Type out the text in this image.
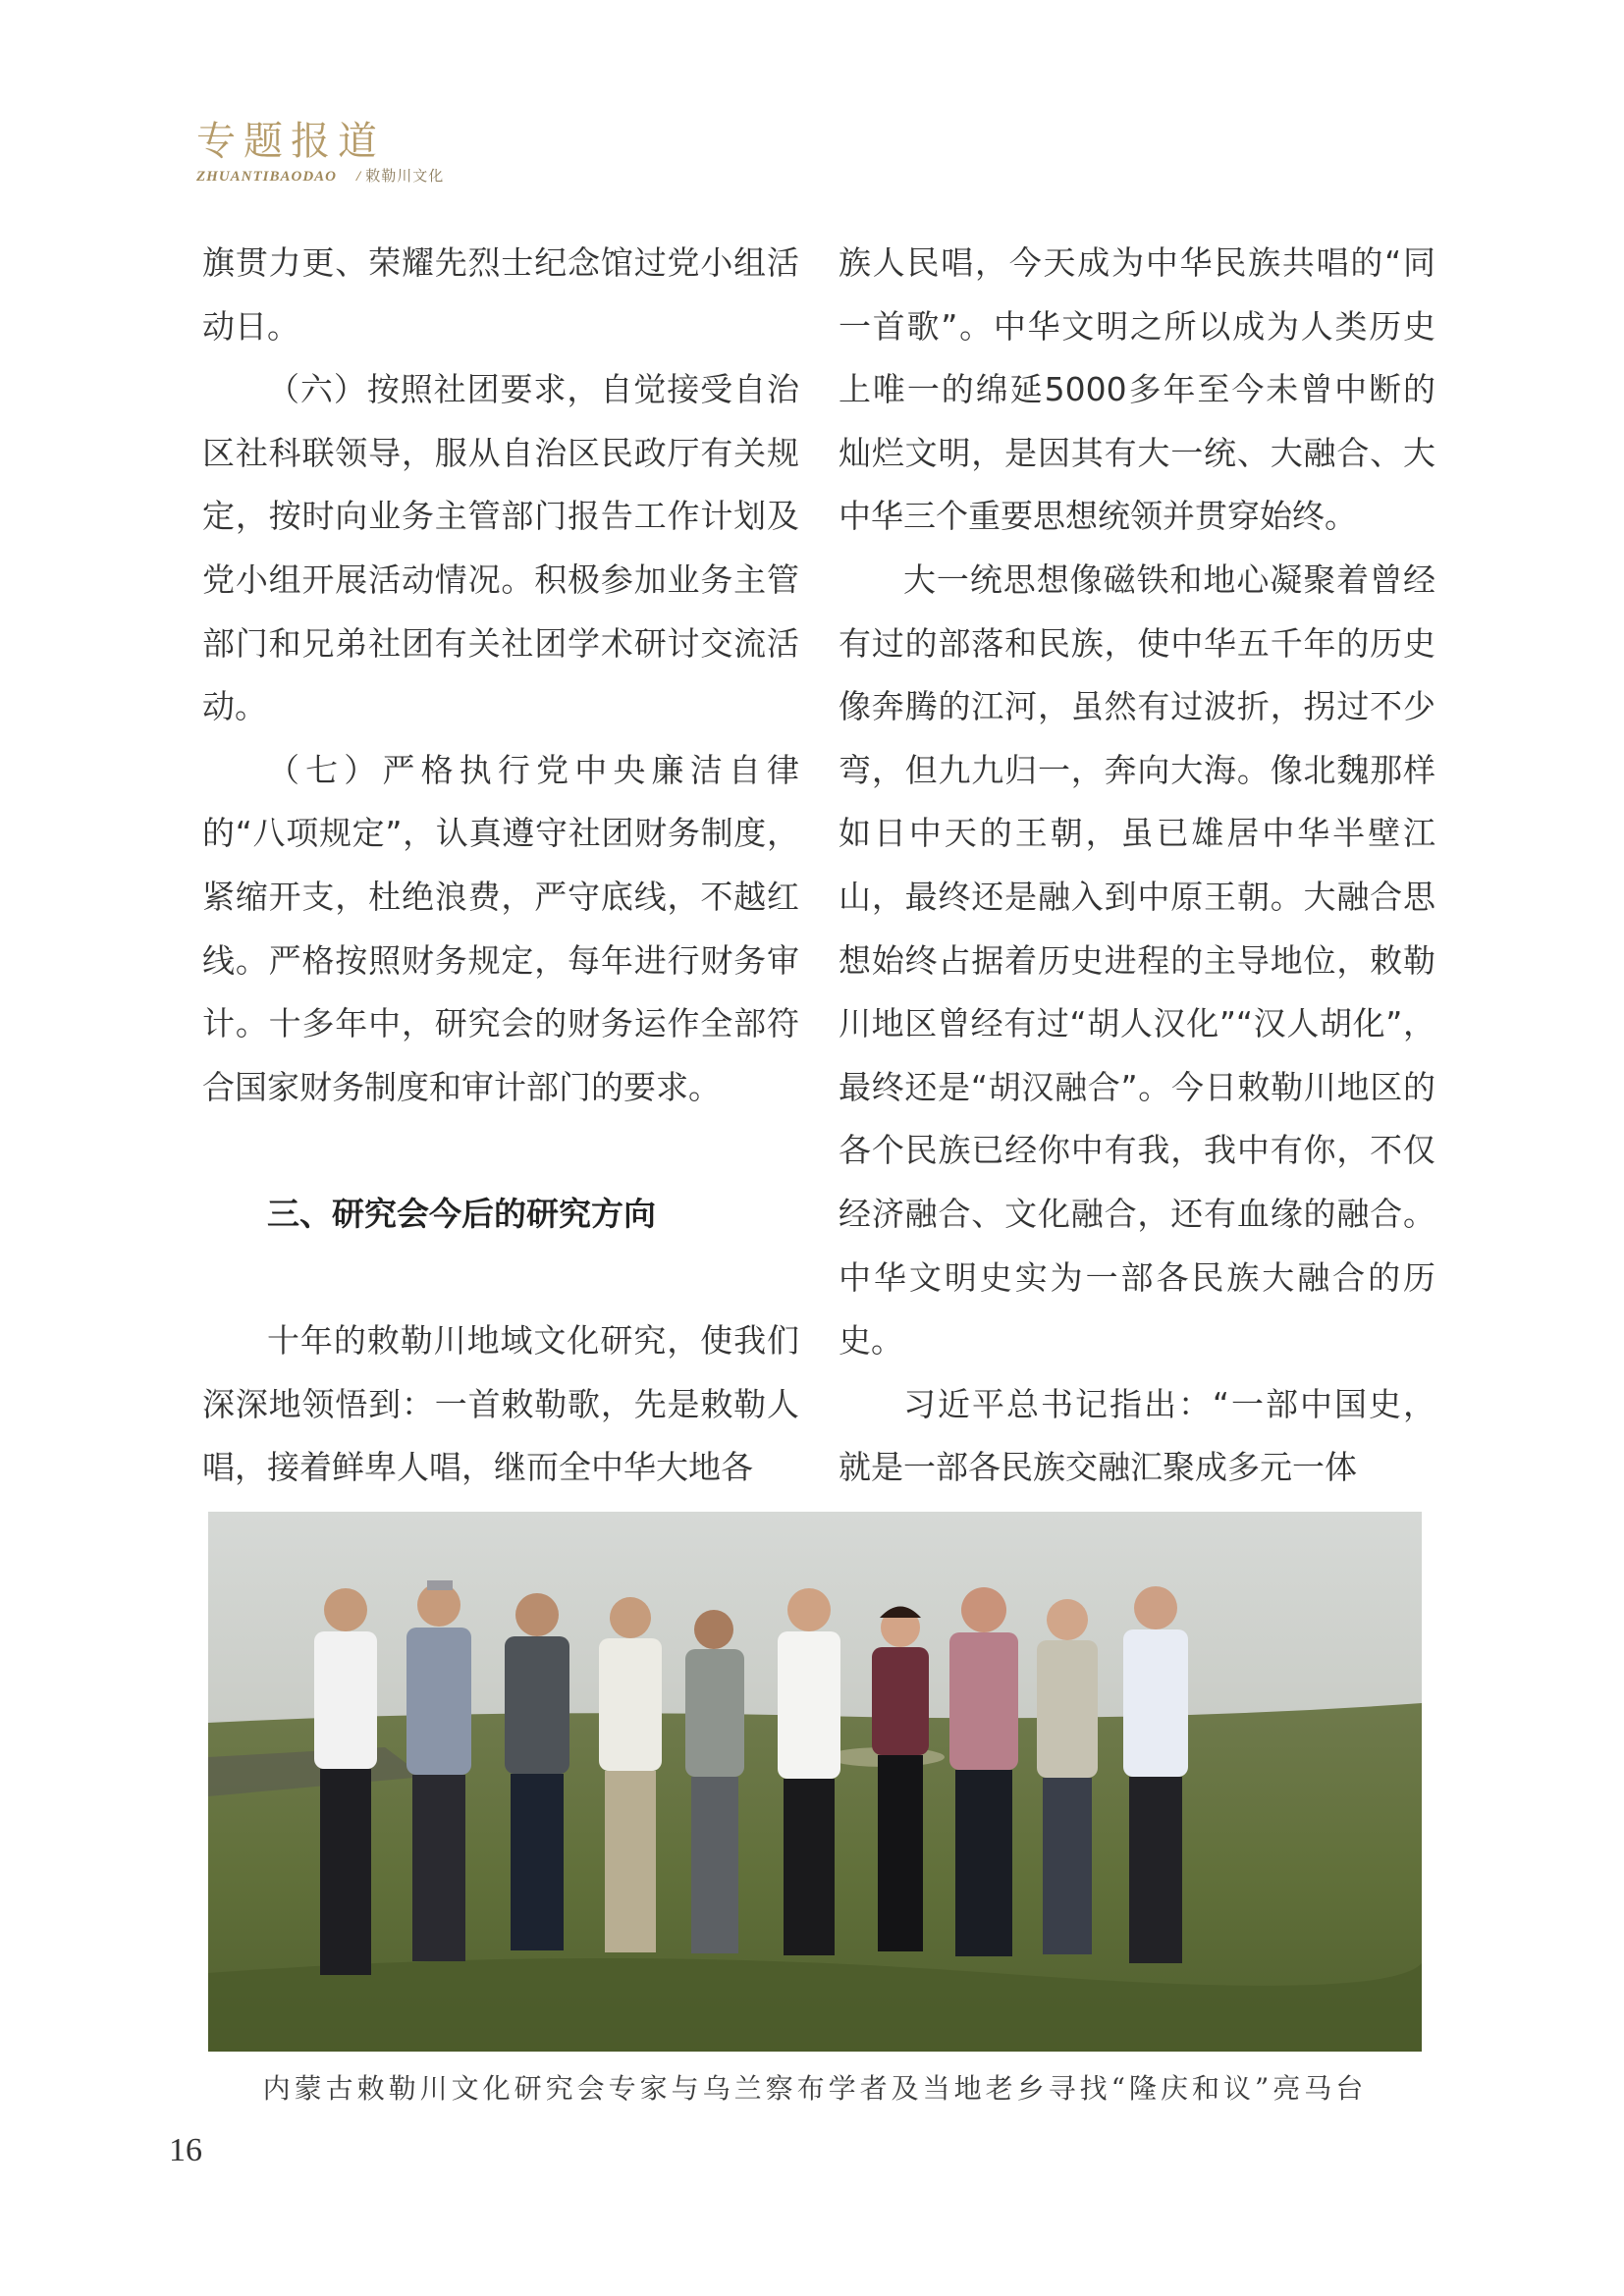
专题报道
ZHUANTIBAODAO / 敕勒川文化

旗贯力更、荣耀先烈士纪念馆过党小组活动日。

（六）按照社团要求，自觉接受自治区社科联领导，服从自治区民政厅有关规定，按时向业务主管部门报告工作计划及党小组开展活动情况。积极参加业务主管部门和兄弟社团有关社团学术研讨交流活动。

（七）严格执行党中央廉洁自律的“八项规定”，认真遵守社团财务制度，紧缩开支，杜绝浪费，严守底线，不越红线。严格按照财务规定，每年进行财务审计。十多年中，研究会的财务运作全部符合国家财务制度和审计部门的要求。

三、研究会今后的研究方向

十年的敕勒川地域文化研究，使我们深深地领悟到：一首敕勒歌，先是敕勒人唱，接着鲜卑人唱，继而全中华大地各

族人民唱，今天成为中华民族共唱的“同一首歌”。中华文明之所以成为人类历史上唯一的绵延5000多年至今未曾中断的灿烂文明，是因其有大一统、大融合、大中华三个重要思想统领并贯穿始终。

大一统思想像磁铁和地心凝聚着曾经有过的部落和民族，使中华五千年的历史像奔腾的江河，虽然有过波折，拐过不少弯，但九九归一，奔向大海。像北魏那样如日中天的王朝，虽已雄居中华半壁江山，最终还是融入到中原王朝。大融合思想始终占据着历史进程的主导地位，敕勒川地区曾经有过“胡人汉化”“汉人胡化”，最终还是“胡汉融合”。今日敕勒川地区的各个民族已经你中有我，我中有你，不仅经济融合、文化融合，还有血缘的融合。中华文明史实为一部各民族大融合的历史。

习近平总书记指出：“一部中国史，就是一部各民族交融汇聚成多元一体

内蒙古敕勒川文化研究会专家与乌兰察布学者及当地老乡寻找“隆庆和议”亮马台
16
